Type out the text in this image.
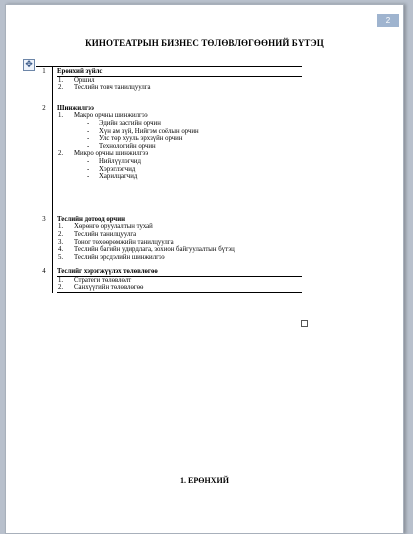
2
КИНОТЕАТРЫН БИЗНЕС ТӨЛӨВЛӨГӨӨНИЙ БҮТЭЦ
✥
1	Ерөнхий зүйлс
1.	Оршил
2.	Теслийн товч танилцуулга
2	Шинжилгээ
1.	Макро орчны шинжилгээ
-	Эдийн засгийн орчин
-	Хүн ам зүй, Нийгэм соёлын орчин
-	Улс төр хууль эрхзүйн орчин
-	Технологийн орчин
2.	Микро орчны шинжилгээ
-	Нийлүүлэгчид
-	Хэрэглэгчид
-	Харилцагчид
3	Теслийн дотоод орчин
1.	Хөрөнгө оруулалтын тухай
2.	Теслийн танилцуулга
3.	Тоног төхөөрөмжийн танилцуулга
4.	Теслийн багийн удирдлага, зохион байгуулалтын бүтэц
5.	Теслийн эрсдэлийн шинжилгээ
4	Теслийг хэрэгжүүлэх төлөвлөгөө
1.	Стратеги төлөвлөлт
2.	Санхүүгийн төлөвлөгөө
1. ЕРӨНХИЙ
